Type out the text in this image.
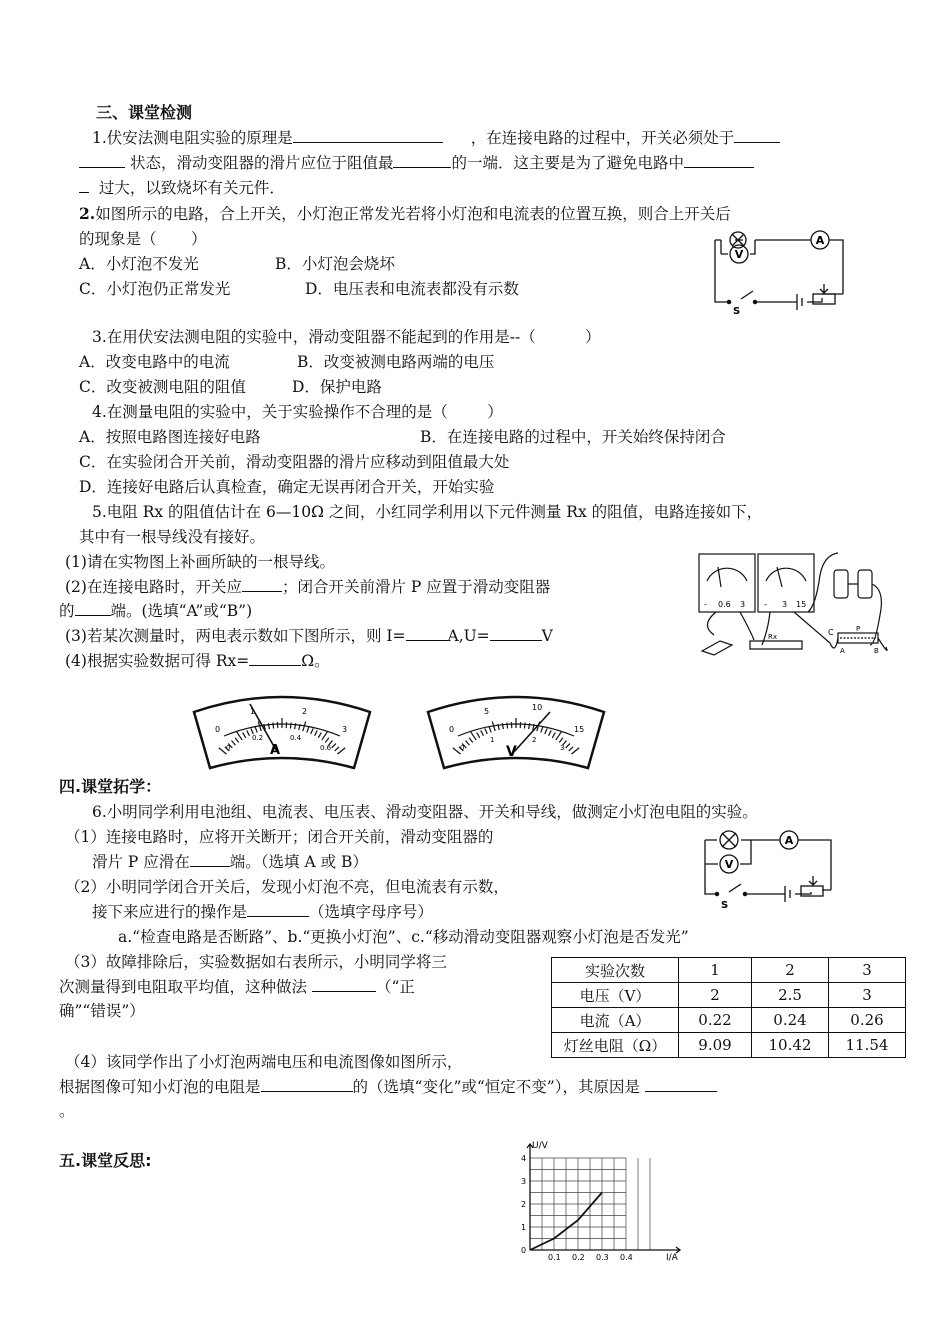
三、课堂检测
1.伏安法测电阻实验的原理是	，在连接电路的过程中，开关必须处于
状态，滑动变阻器的滑片应位于阻值最	的一端．这主要是为了避免电路中
过大，以致烧坏有关元件．
2.如图所示的电路，合上开关，小灯泡正常发光若将小灯泡和电流表的位置互换，则合上开关后
的现象是（       ）
A．小灯泡不发光	B．小灯泡会烧坏
C．小灯泡仍正常发光	D．电压表和电流表都没有示数
A
V
S
3.在用伏安法测电阻的实验中，滑动变阻器不能起到的作用是--（          ）
A．改变电路中的电流	B．改变被测电路两端的电压
C．改变被测电阻的阻值	D．保护电路
4.在测量电阻的实验中，关于实验操作不合理的是（        ）
A．按照电路图连接好电路	B．在连接电路的过程中，开关始终保持闭合
C．在实验闭合开关前，滑动变阻器的滑片应移动到阻值最大处
D．连接好电路后认真检查，确定无误再闭合开关，开始实验
5.电阻 Rx 的阻值估计在 6—10Ω 之间，小红同学利用以下元件测量 Rx 的阻值，电路连接如下，
其中有一根导线没有接好。
(1)请在实物图上补画所缺的一根导线。
(2)在连接电路时，开关应	；闭合开关前滑片 P 应置于滑动变阻器
的 端。(选填“A”或“B”)
(3)若某次测量时，两电表示数如下图所示，则 I=	A,U=	V
(4)根据实验数据可得 Rx=	Ω。
- 0.6 3 - 3 15
C
A	B
P
Rx
A
0
1	2
3
0
0.2	0.4
0.6	V
0
5	10
15
0
1	2
3
四.课堂拓学：
6.小明同学利用电池组、电流表、电压表、滑动变阻器、开关和导线，做测定小灯泡电阻的实验。
（1）连接电路时，应将开关断开；闭合开关前，滑动变阻器的
滑片 P 应滑在	端。（选填 A 或 B）
（2）小明同学闭合开关后，发现小灯泡不亮，但电流表有示数，
接下来应进行的操作是	（选填字母序号）
a.“检查电路是否断路”、b.“更换小灯泡”、c.“移动滑动变阻器观察小灯泡是否发光”
A
V
S
（3）故障排除后，实验数据如右表所示，小明同学将三
次测量得到电阻取平均值，这种做法	（“正
确”“错误”）
实验次数	1	2	3
电压（V）	2	2.5	3
电流（A）	0.22	0.24	0.26
灯丝电阻（Ω）	9.09	10.42	11.54
（4）该同学作出了小灯泡两端电压和电流图像如图所示，
根据图像可知小灯泡的电阻是	的（选填“变化”或“恒定不变”），其原因是
。
五.课堂反思:
0.1 0.2 0.3 0.4
0
1
2
3
4
U/V
I/A
